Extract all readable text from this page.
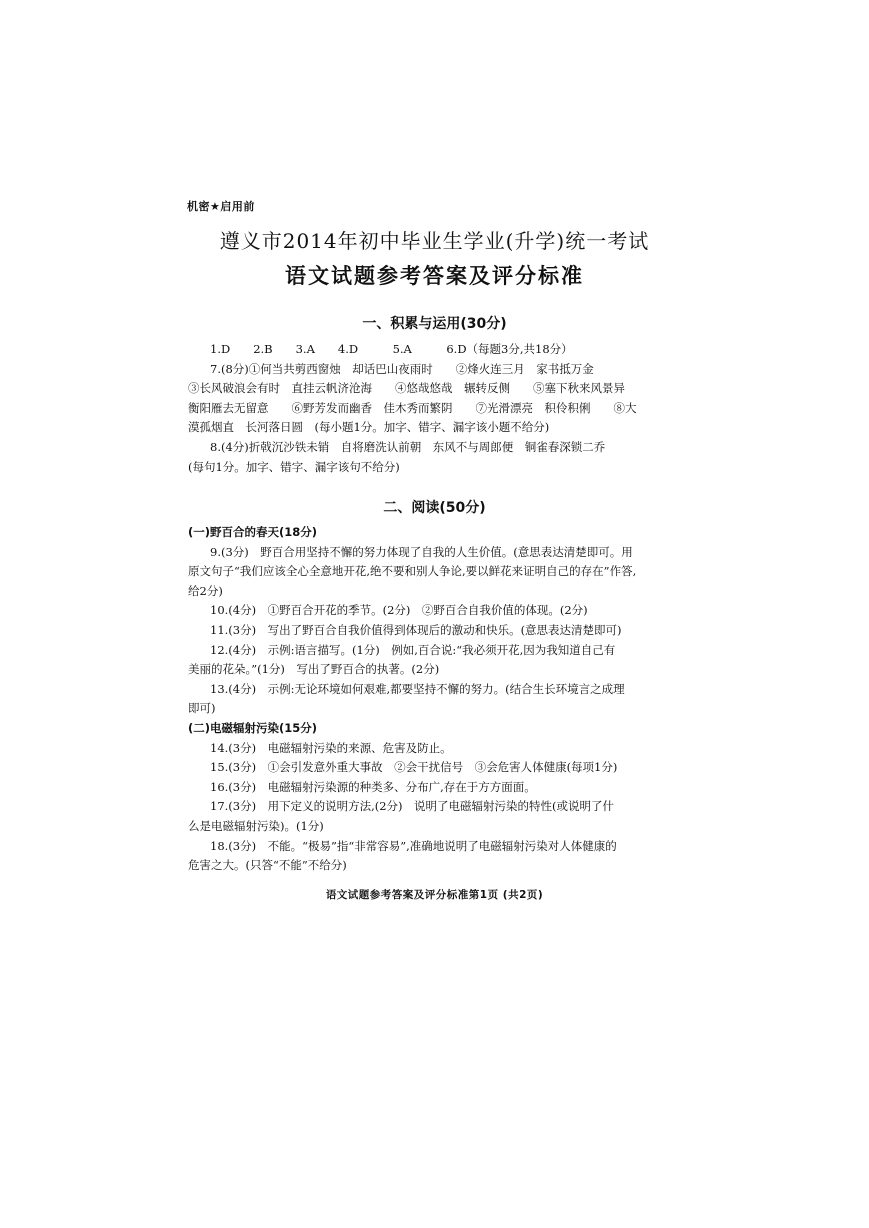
机密★启用前
遵义市2014年初中毕业生学业(升学)统一考试
语文试题参考答案及评分标准
一、积累与运用(30分)
1.D　　2.B　　3.A　　4.D　　　5.A　　　6.D（每题3分,共18分）
7.(8分)①何当共剪西窗烛　却话巴山夜雨时　　②烽火连三月　家书抵万金
③长风破浪会有时　直挂云帆济沧海　　④悠哉悠哉　辗转反侧　　⑤塞下秋来风景异
衡阳雁去无留意　　⑥野芳发而幽香　佳木秀而繁阴　　⑦光滑漂亮　积伶积俐　　⑧大
漠孤烟直　长河落日圆　(每小题1分。加字、错字、漏字该小题不给分)
8.(4分)折戟沉沙铁未销　自将磨洗认前朝　东风不与周郎便　铜雀春深锁二乔
(每句1分。加字、错字、漏字该句不给分)
二、阅读(50分)
(一)野百合的春天(18分)
9.(3分)　野百合用坚持不懈的努力体现了自我的人生价值。(意思表达清楚即可。用
原文句子“我们应该全心全意地开花,绝不要和别人争论,要以鲜花来证明自己的存在”作答,
给2分)
10.(4分)　①野百合开花的季节。(2分)　②野百合自我价值的体现。(2分)
11.(3分)　写出了野百合自我价值得到体现后的激动和快乐。(意思表达清楚即可)
12.(4分)　示例:语言描写。(1分)　例如,百合说:“我必须开花,因为我知道自己有
美丽的花朵。”(1分)　写出了野百合的执著。(2分)
13.(4分)　示例:无论环境如何艰难,都要坚持不懈的努力。(结合生长环境言之成理
即可)
(二)电磁辐射污染(15分)
14.(3分)　电磁辐射污染的来源、危害及防止。
15.(3分)　①会引发意外重大事故　②会干扰信号　③会危害人体健康(每项1分)
16.(3分)　电磁辐射污染源的种类多、分布广,存在于方方面面。
17.(3分)　用下定义的说明方法,(2分)　说明了电磁辐射污染的特性(或说明了什
么是电磁辐射污染)。(1分)
18.(3分)　不能。“极易”指“非常容易”,准确地说明了电磁辐射污染对人体健康的
危害之大。(只答“不能”不给分)
语文试题参考答案及评分标准第1页 (共2页)
